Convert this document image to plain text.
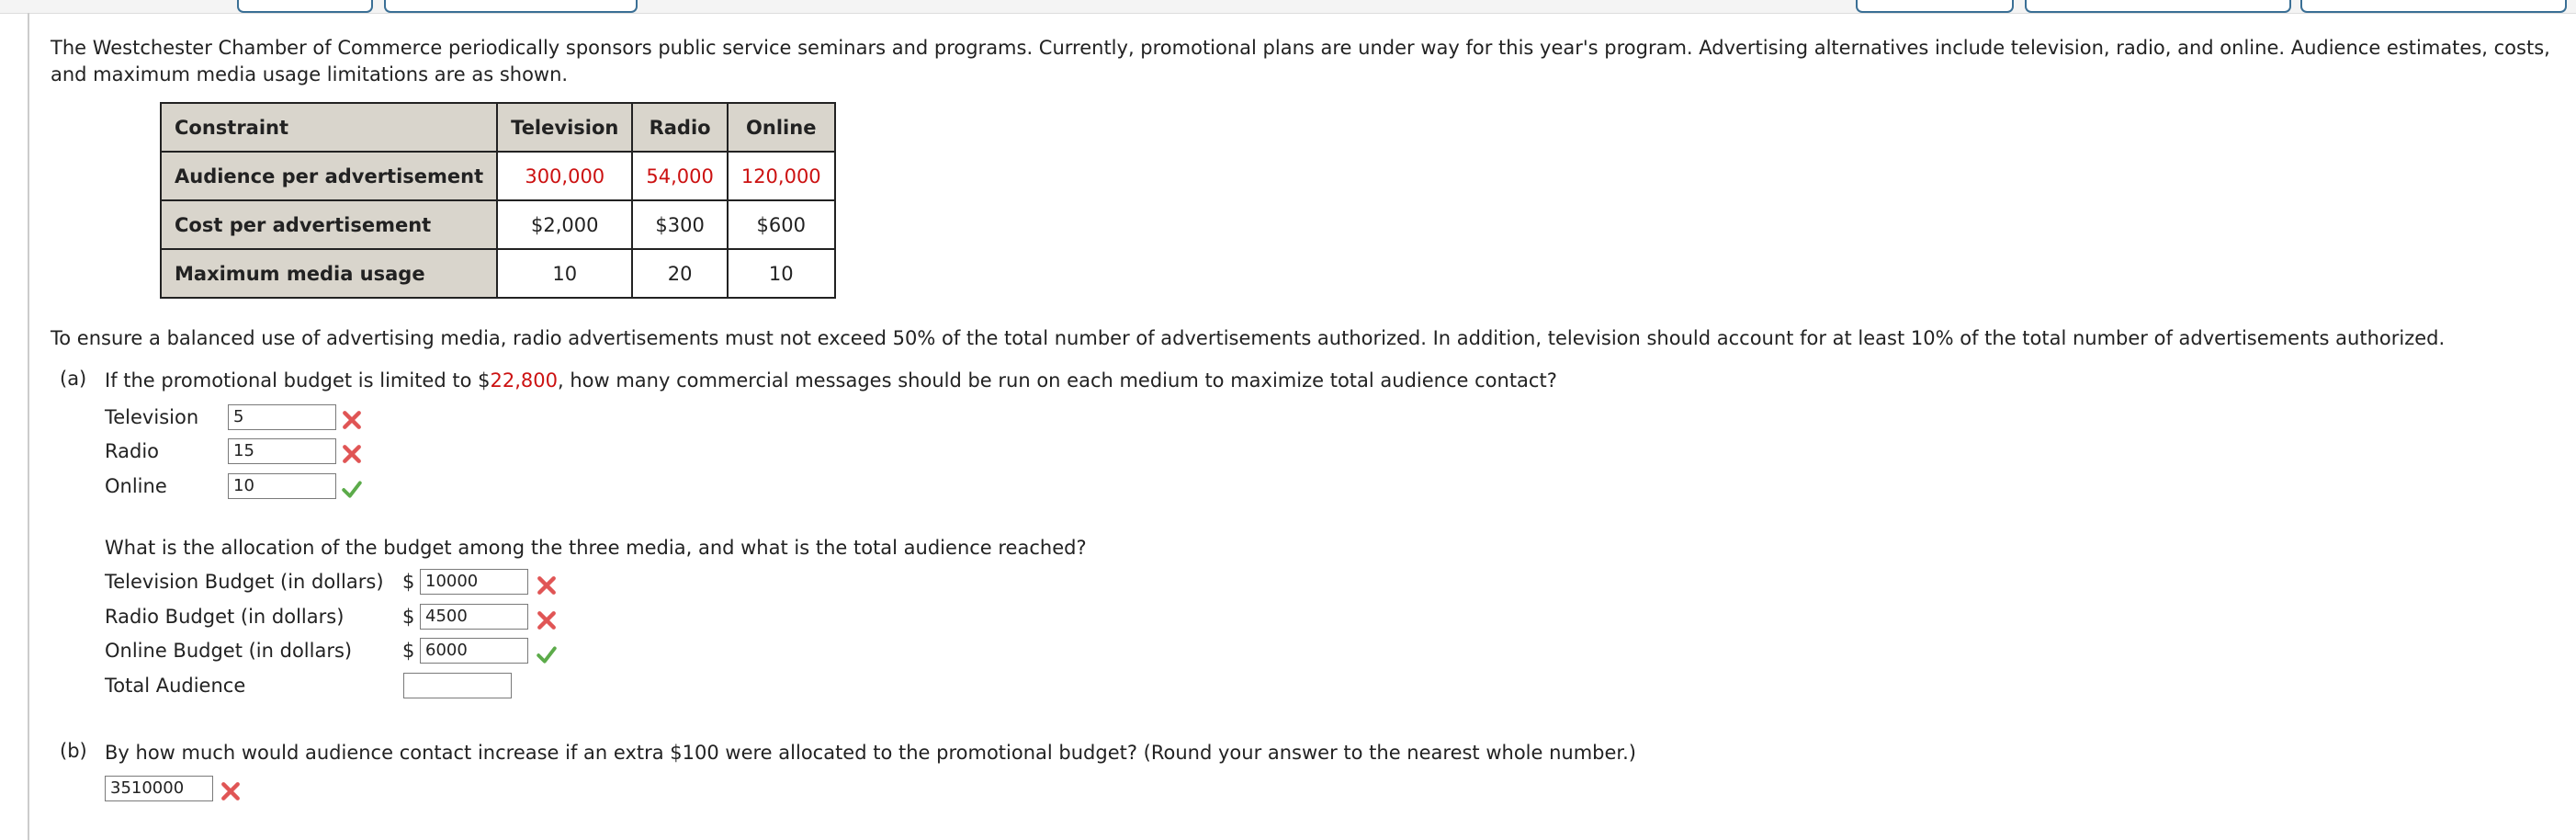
The Westchester Chamber of Commerce periodically sponsors public service seminars and programs. Currently, promotional plans are under way for this year's program. Advertising alternatives include television, radio, and online. Audience estimates, costs, and maximum media usage limitations are as shown.

Constraint	Television	Radio	Online
Audience per advertisement	300,000	54,000	120,000
Cost per advertisement	$2,000	$300	$600
Maximum media usage	10	20	10

To ensure a balanced use of advertising media, radio advertisements must not exceed 50% of the total number of advertisements authorized. In addition, television should account for at least 10% of the total number of advertisements authorized.

(a) If the promotional budget is limited to $22,800, how many commercial messages should be run on each medium to maximize total audience contact?

Television	5
Radio	15
Online	10

What is the allocation of the budget among the three media, and what is the total audience reached?

Television Budget (in dollars) $ 10000
Radio Budget (in dollars)	$ 4500
Online Budget (in dollars)	$ 6000
Total Audience
(b) By how much would audience contact increase if an extra $100 were allocated to the promotional budget? (Round your answer to the nearest whole number.)

3510000
